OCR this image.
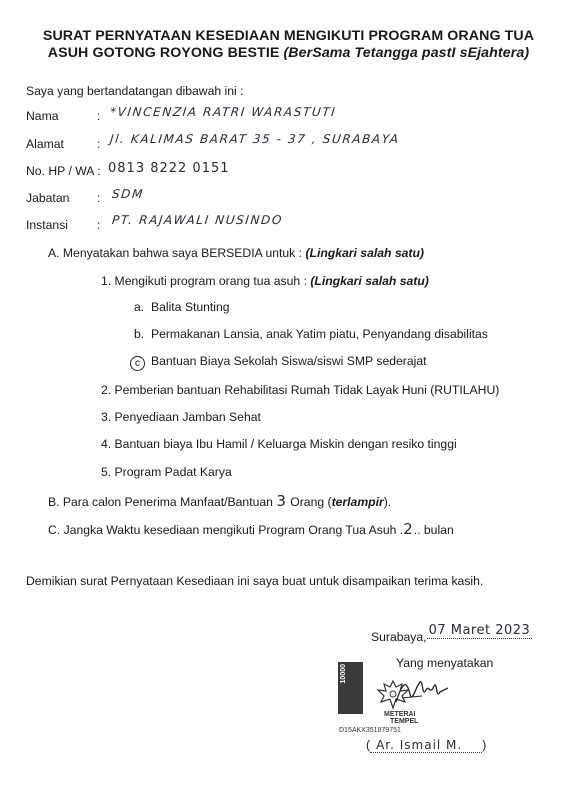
SURAT PERNYATAAN KESEDIAAN MENGIKUTI PROGRAM ORANG TUA
ASUH GOTONG ROYONG BESTIE (BerSama Tetangga pastI sEjahtera)
Saya yang bertandatangan dibawah ini :
Nama	: *VINCENZIA RATRI WARASTUTI
Alamat	: Jl. KALIMAS BARAT 35 - 37 , SURABAYA
No. HP / WA : 0813 8222 0151
Jabatan : SDM
Instansi : PT. RAJAWALI NUSINDO
A. Menyatakan bahwa saya BERSEDIA untuk : (Lingkari salah satu)
1. Mengikuti program orang tua asuh : (Lingkari salah satu)
a. Balita Stunting
b. Permakanan Lansia, anak Yatim piatu, Penyandang disabilitas
c Bantuan Biaya Sekolah Siswa/siswi SMP sederajat
2. Pemberian bantuan Rehabilitasi Rumah Tidak Layak Huni (RUTILAHU)
3. Penyediaan Jamban Sehat
4. Bantuan biaya Ibu Hamil / Keluarga Miskin dengan resiko tinggi
5. Program Padat Karya
B. Para calon Penerima Manfaat/Bantuan 3 Orang (terlampir).
C. Jangka Waktu kesediaan mengikuti Program Orang Tua Asuh .2.. bulan
Demikian surat Pernyataan Kesediaan ini saya buat untuk disampaikan terima kasih.
Surabaya, 07 Maret 2023
Yang menyatakan
10000
METERAI
TEMPEL
D15AKX351879751
( Ar. Ismail M. )
